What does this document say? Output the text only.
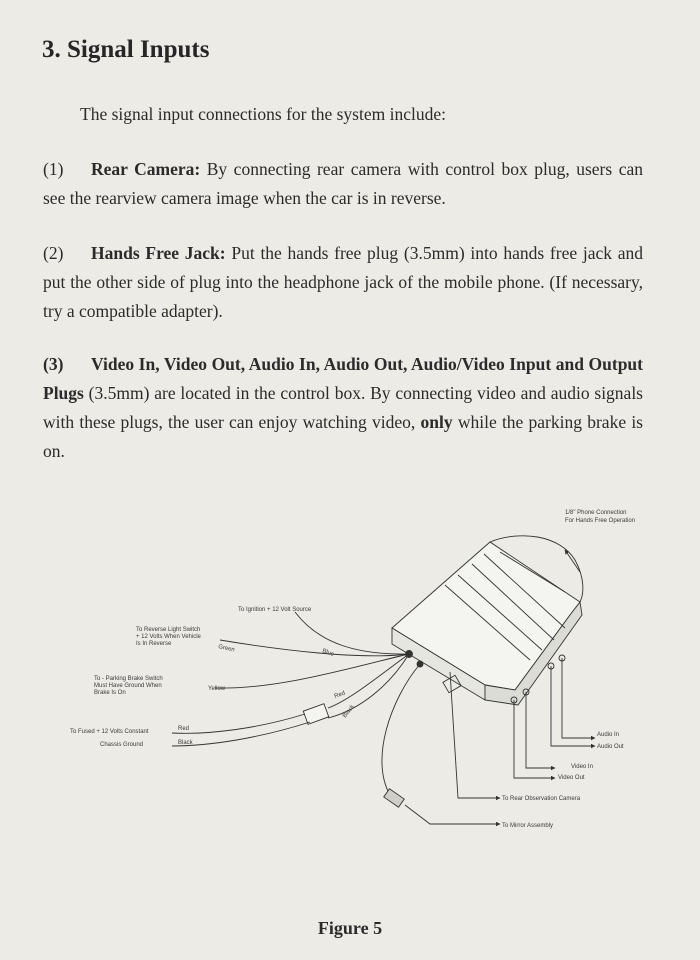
3. Signal Inputs

The signal input connections for the system include:

(1) Rear Camera: By connecting rear camera with control box plug, users can see the rearview camera image when the car is in reverse.

(2) Hands Free Jack: Put the hands free plug (3.5mm) into hands free jack and put the other side of plug into the headphone jack of the mobile phone. (If necessary, try a compatible adapter).

(3) Video In, Video Out, Audio In, Audio Out, Audio/Video Input and Output Plugs (3.5mm) are located in the control box. By connecting video and audio signals with these plugs, the user can enjoy watching video, only while the parking brake is on.

1/8" Phone Connection
For Hands Free Operation
To Ignition + 12 Volt Source
To Reverse Light Switch
+ 12 Volts When Vehicle
Is In Reverse
To - Parking Brake Switch
Must Have Ground When
Brake Is On
To Fused + 12 Volts Constant
Chassis Ground
Green	Blue
Yellow
Red
Black
Red
Black
Audio In
Audio Out
Video In
Video Out
To Rear Observation Camera
To Mirror Assembly

Figure 5
